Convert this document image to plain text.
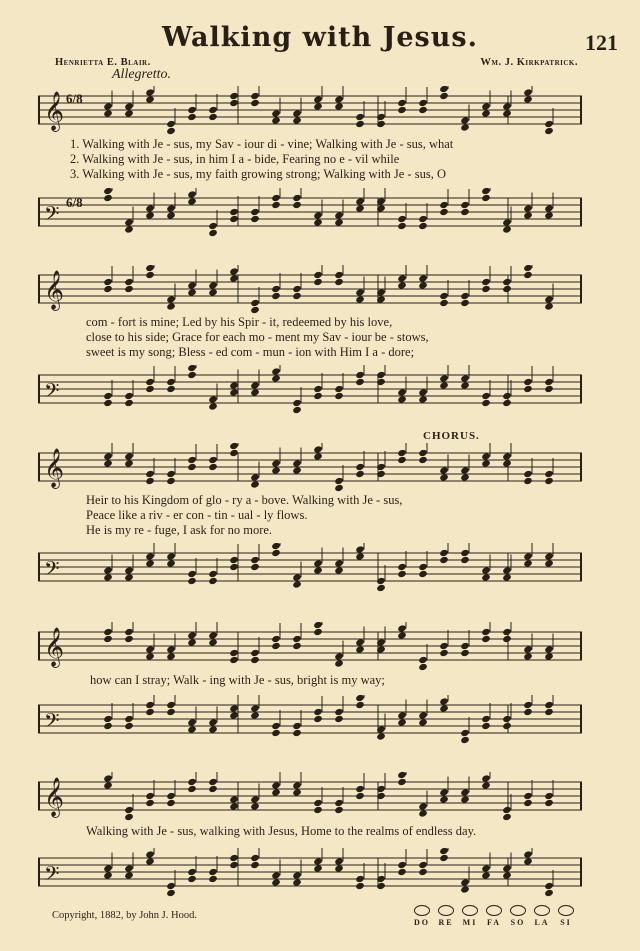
Walking with Jesus.	121
Henrietta E. Blair.	Wm. J. Kirkpatrick.
Allegretto.
𝄞
𝄢
6/8
6/8
1. Walking with Je - sus, my Sav - iour di - vine; Walking with Je - sus, what
2. Walking with Je - sus, in him I a - bide, Fearing no e - vil while
3. Walking with Je - sus, my faith growing strong; Walking with Je - sus, O
𝄞
𝄢
com - fort is mine; Led by his Spir - it, redeemed by his love,
close to his side; Grace for each mo - ment my Sav - iour be - stows,
sweet is my song; Bless - ed com - mun - ion with Him I a - dore;
CHORUS.
𝄞
𝄢
Heir to his Kingdom of glo - ry a - bove. Walking with Je - sus,
Peace like a riv - er con - tin - ual - ly flows.
He is my re - fuge, I ask for no more.
𝄞
𝄢
how can I stray; Walk - ing with Je - sus, bright is my way;
𝄞
𝄢
Walking with Je - sus, walking with Jesus, Home to the realms of endless day.
Copyright, 1882, by John J. Hood.
DO RE MI FA SO LA SI
